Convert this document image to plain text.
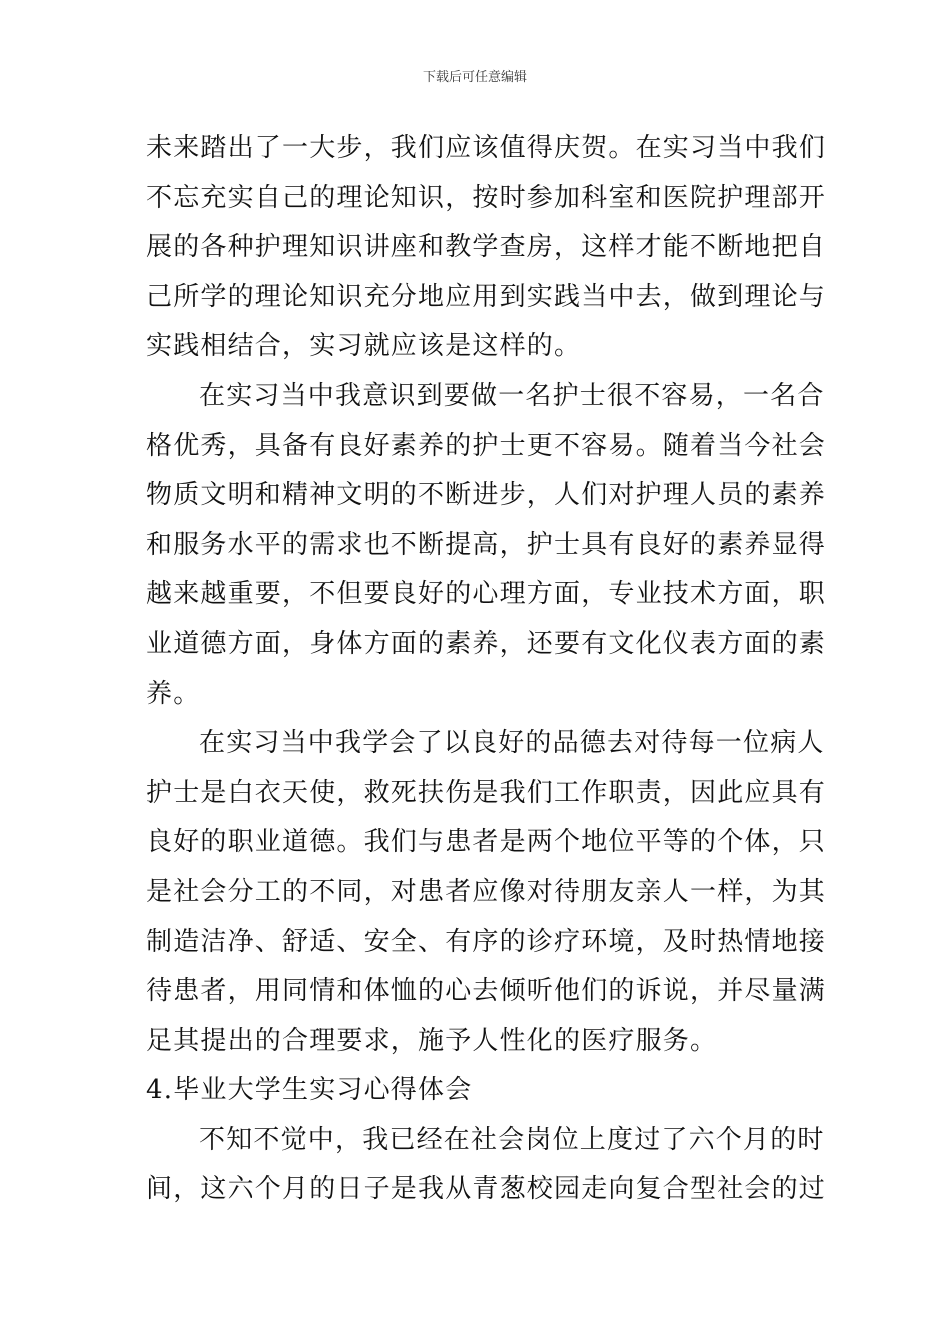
下载后可任意编辑
未来踏出了一大步，我们应该值得庆贺。在实习当中我们
不忘充实自己的理论知识，按时参加科室和医院护理部开
展的各种护理知识讲座和教学查房，这样才能不断地把自
己所学的理论知识充分地应用到实践当中去，做到理论与
实践相结合，实习就应该是这样的。
在实习当中我意识到要做一名护士很不容易，一名合
格优秀，具备有良好素养的护士更不容易。随着当今社会
物质文明和精神文明的不断进步，人们对护理人员的素养
和服务水平的需求也不断提高，护士具有良好的素养显得
越来越重要，不但要良好的心理方面，专业技术方面，职
业道德方面，身体方面的素养，还要有文化仪表方面的素
养。
在实习当中我学会了以良好的品德去对待每一位病人
护士是白衣天使，救死扶伤是我们工作职责，因此应具有
良好的职业道德。我们与患者是两个地位平等的个体，只
是社会分工的不同，对患者应像对待朋友亲人一样，为其
制造洁净、舒适、安全、有序的诊疗环境，及时热情地接
待患者，用同情和体恤的心去倾听他们的诉说，并尽量满
足其提出的合理要求，施予人性化的医疗服务。
4.毕业大学生实习心得体会
不知不觉中，我已经在社会岗位上度过了六个月的时
间，这六个月的日子是我从青葱校园走向复合型社会的过
